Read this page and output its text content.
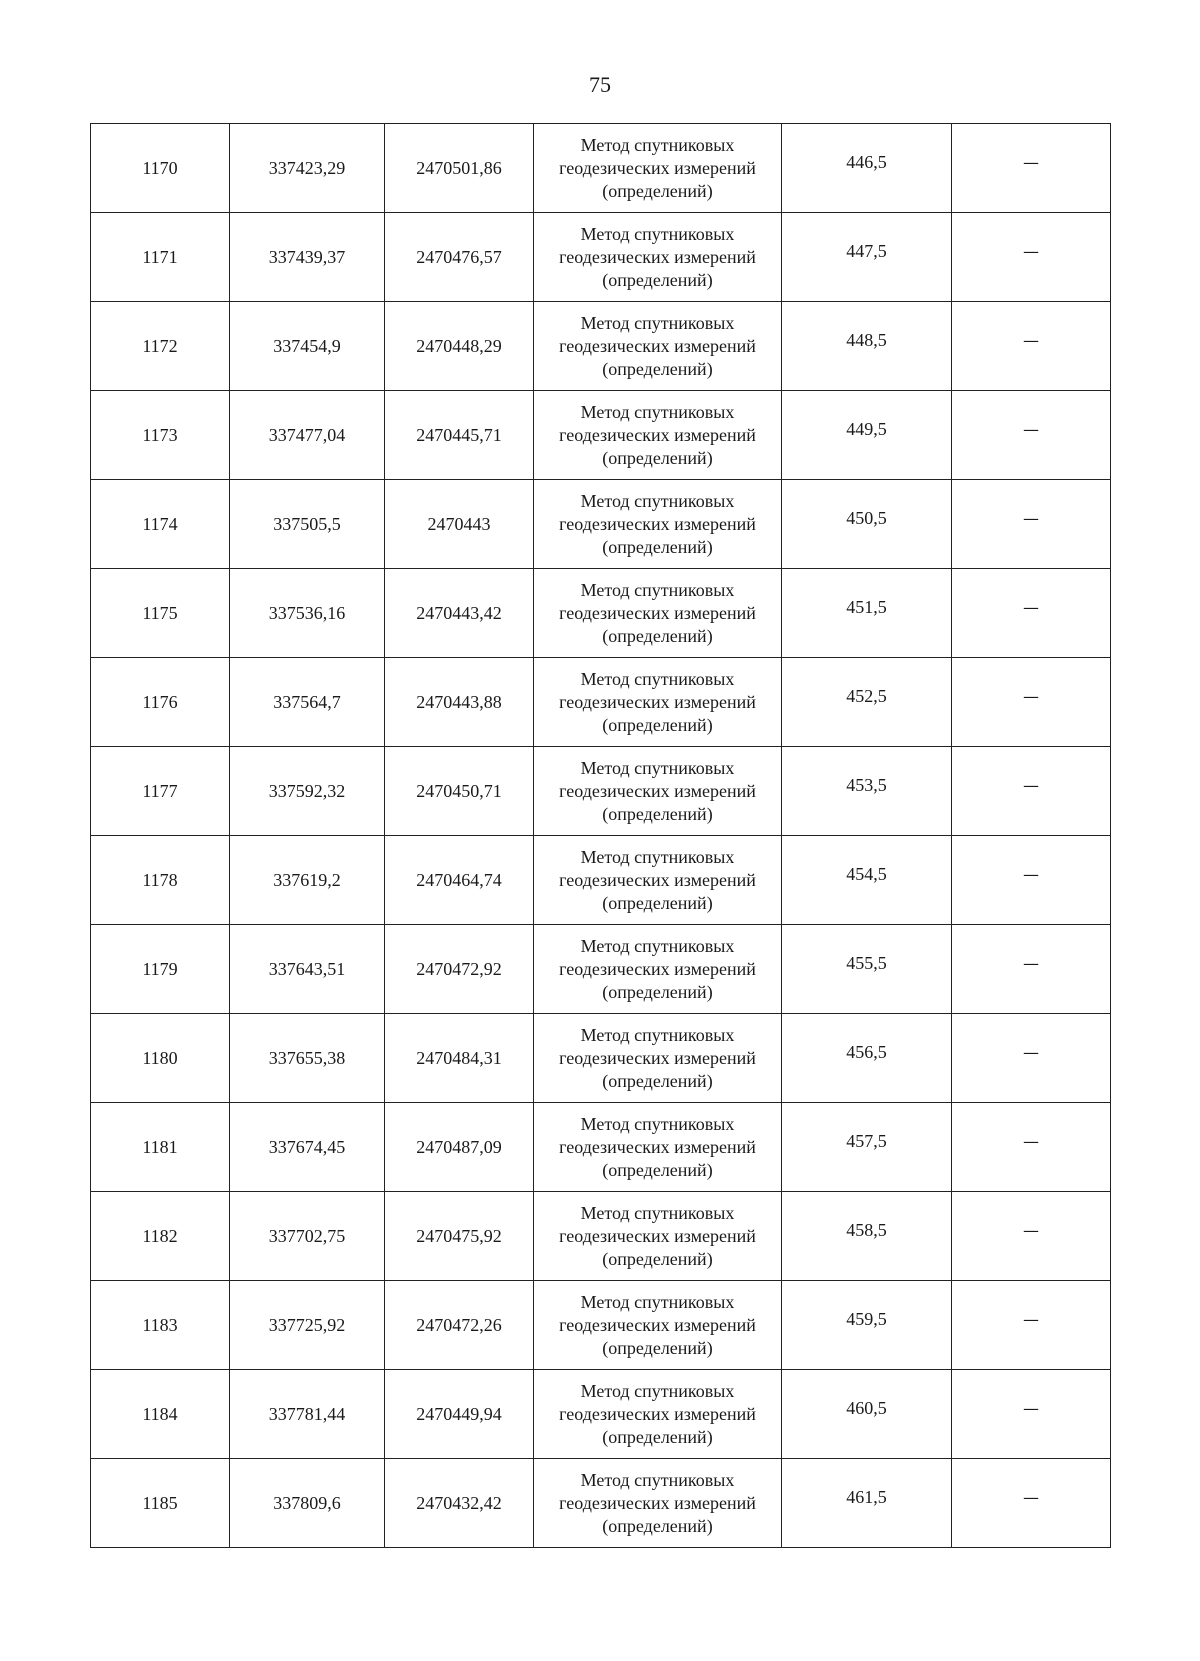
75
1170	337423,29	2470501,86	Метод спутниковых
геодезических измерений
(определений)	446,5	—
1171	337439,37	2470476,57	Метод спутниковых
геодезических измерений
(определений)	447,5	—
1172	337454,9	2470448,29	Метод спутниковых
геодезических измерений
(определений)	448,5	—
1173	337477,04	2470445,71	Метод спутниковых
геодезических измерений
(определений)	449,5	—
1174	337505,5	2470443	Метод спутниковых
геодезических измерений
(определений)	450,5	—
1175	337536,16	2470443,42	Метод спутниковых
геодезических измерений
(определений)	451,5	—
1176	337564,7	2470443,88	Метод спутниковых
геодезических измерений
(определений)	452,5	—
1177	337592,32	2470450,71	Метод спутниковых
геодезических измерений
(определений)	453,5	—
1178	337619,2	2470464,74	Метод спутниковых
геодезических измерений
(определений)	454,5	—
1179	337643,51	2470472,92	Метод спутниковых
геодезических измерений
(определений)	455,5	—
1180	337655,38	2470484,31	Метод спутниковых
геодезических измерений
(определений)	456,5	—
1181	337674,45	2470487,09	Метод спутниковых
геодезических измерений
(определений)	457,5	—
1182	337702,75	2470475,92	Метод спутниковых
геодезических измерений
(определений)	458,5	—
1183	337725,92	2470472,26	Метод спутниковых
геодезических измерений
(определений)	459,5	—
1184	337781,44	2470449,94	Метод спутниковых
геодезических измерений
(определений)	460,5	—
1185	337809,6	2470432,42	Метод спутниковых
геодезических измерений
(определений)	461,5	—
